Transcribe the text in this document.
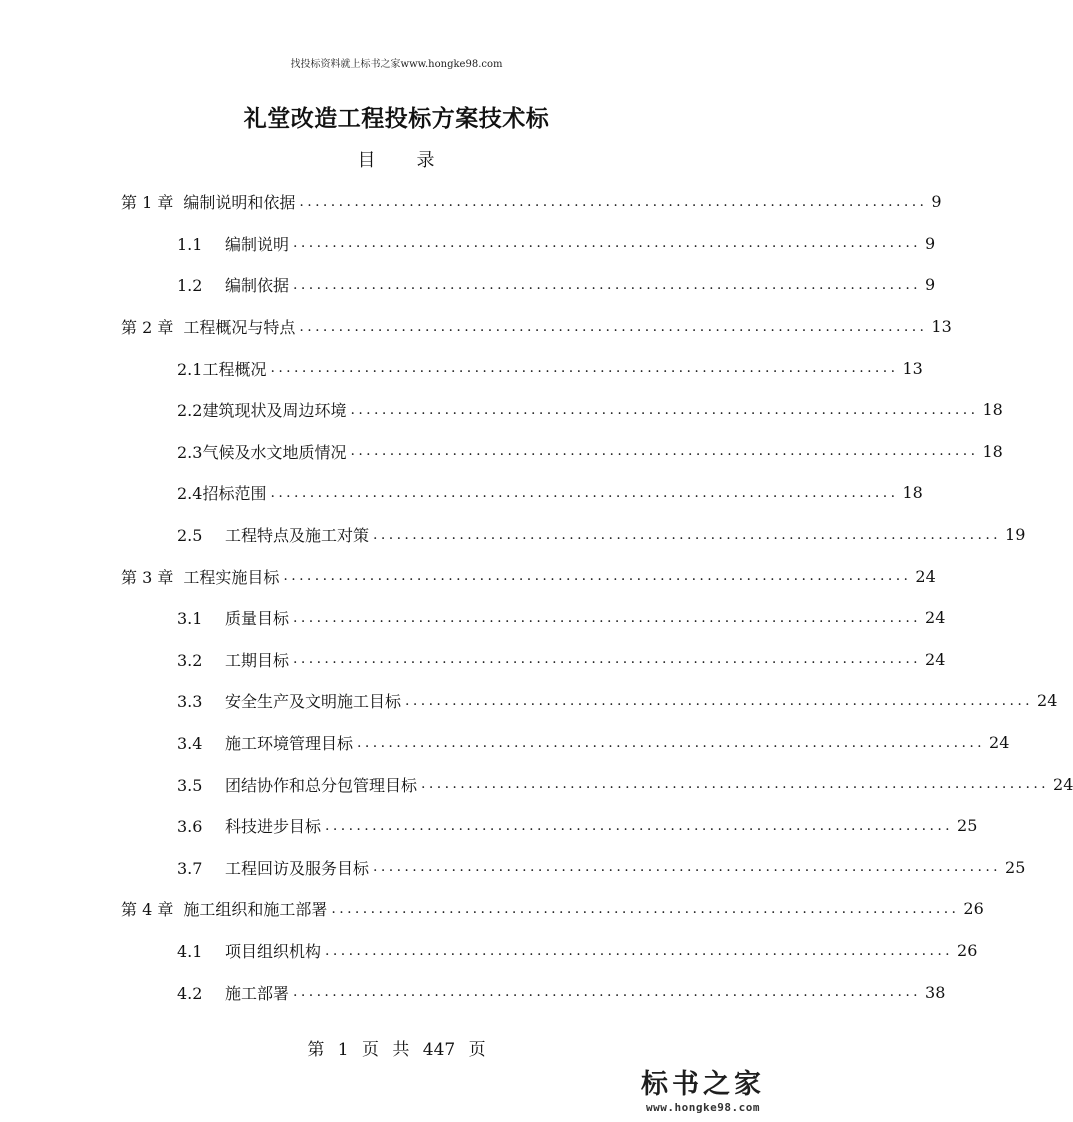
找投标资料就上标书之家www.hongke98.com
礼堂改造工程投标方案技术标
目 录
第 1 章 编制说明和依据 ................................................................................ 9
1.1 编制说明 ................................................................................ 9
1.2 编制依据 ................................................................................ 9
第 2 章 工程概况与特点 ................................................................................ 13
2.1工程概况 ................................................................................ 13
2.2建筑现状及周边环境 ................................................................................ 18
2.3气候及水文地质情况 ................................................................................ 18
2.4招标范围 ................................................................................ 18
2.5 工程特点及施工对策 ................................................................................ 19
第 3 章 工程实施目标 ................................................................................ 24
3.1 质量目标 ................................................................................ 24
3.2 工期目标 ................................................................................ 24
3.3 安全生产及文明施工目标 ................................................................................ 24
3.4 施工环境管理目标 ................................................................................ 24
3.5 团结协作和总分包管理目标 ................................................................................ 24
3.6 科技进步目标 ................................................................................ 25
3.7 工程回访及服务目标 ................................................................................ 25
第 4 章 施工组织和施工部署 ................................................................................ 26
4.1 项目组织机构 ................................................................................ 26
4.2 施工部署 ................................................................................ 38
第 1 页 共 447 页
标书之家
www.hongke98.com
